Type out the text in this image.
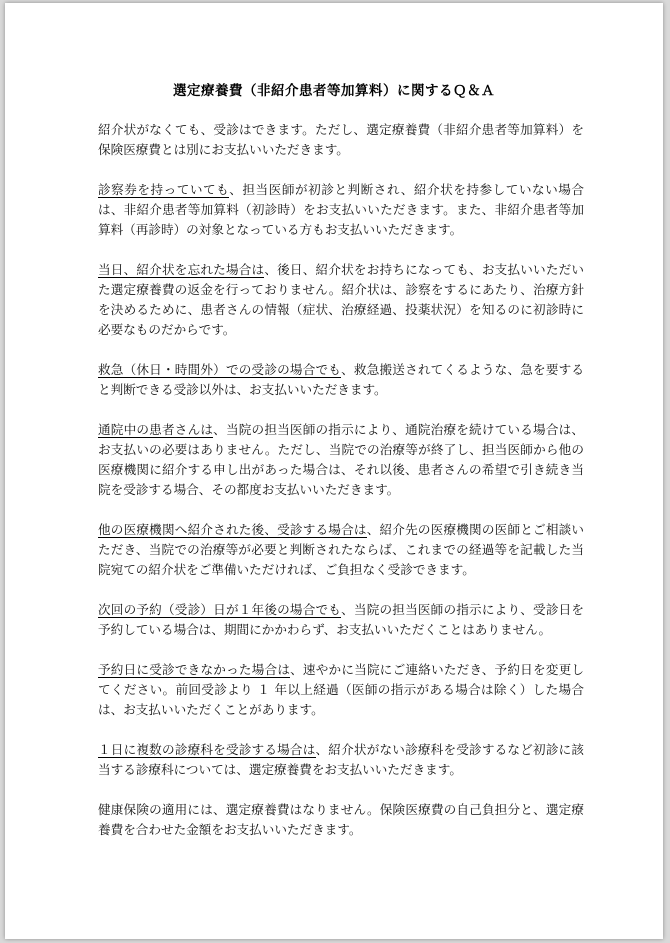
選定療養費（非紹介患者等加算料）に関するＱ＆Ａ

紹介状がなくても、受診はできます。ただし、選定療養費（非紹介患者等加算料）を保険医療費とは別にお支払いいただきます。

診察券を持っていても、担当医師が初診と判断され、紹介状を持参していない場合は、非紹介患者等加算料（初診時）をお支払いいただきます。また、非紹介患者等加算料（再診時）の対象となっている方もお支払いいただきます。

当日、紹介状を忘れた場合は、後日、紹介状をお持ちになっても、お支払いいただいた選定療養費の返金を行っておりません。紹介状は、診察をするにあたり、治療方針を決めるために、患者さんの情報（症状、治療経過、投薬状況）を知るのに初診時に必要なものだからです。

救急（休日・時間外）での受診の場合でも、救急搬送されてくるような、急を要すると判断できる受診以外は、お支払いいただきます。

通院中の患者さんは、当院の担当医師の指示により、通院治療を続けている場合は、お支払いの必要はありません。ただし、当院での治療等が終了し、担当医師から他の医療機関に紹介する申し出があった場合は、それ以後、患者さんの希望で引き続き当院を受診する場合、その都度お支払いいただきます。

他の医療機関へ紹介された後、受診する場合は、紹介先の医療機関の医師とご相談いただき、当院での治療等が必要と判断されたならば、これまでの経過等を記載した当院宛ての紹介状をご準備いただければ、ご負担なく受診できます。

次回の予約（受診）日が１年後の場合でも、当院の担当医師の指示により、受診日を予約している場合は、期間にかかわらず、お支払いいただくことはありません。

予約日に受診できなかった場合は、速やかに当院にご連絡いただき、予約日を変更してください。前回受診より １ 年以上経過（医師の指示がある場合は除く）した場合は、お支払いいただくことがあります。

１日に複数の診療科を受診する場合は、紹介状がない診療科を受診するなど初診に該当する診療科については、選定療養費をお支払いいただきます。

健康保険の適用には、選定療養費はなりません。保険医療費の自己負担分と、選定療養費を合わせた金額をお支払いいただきます。
